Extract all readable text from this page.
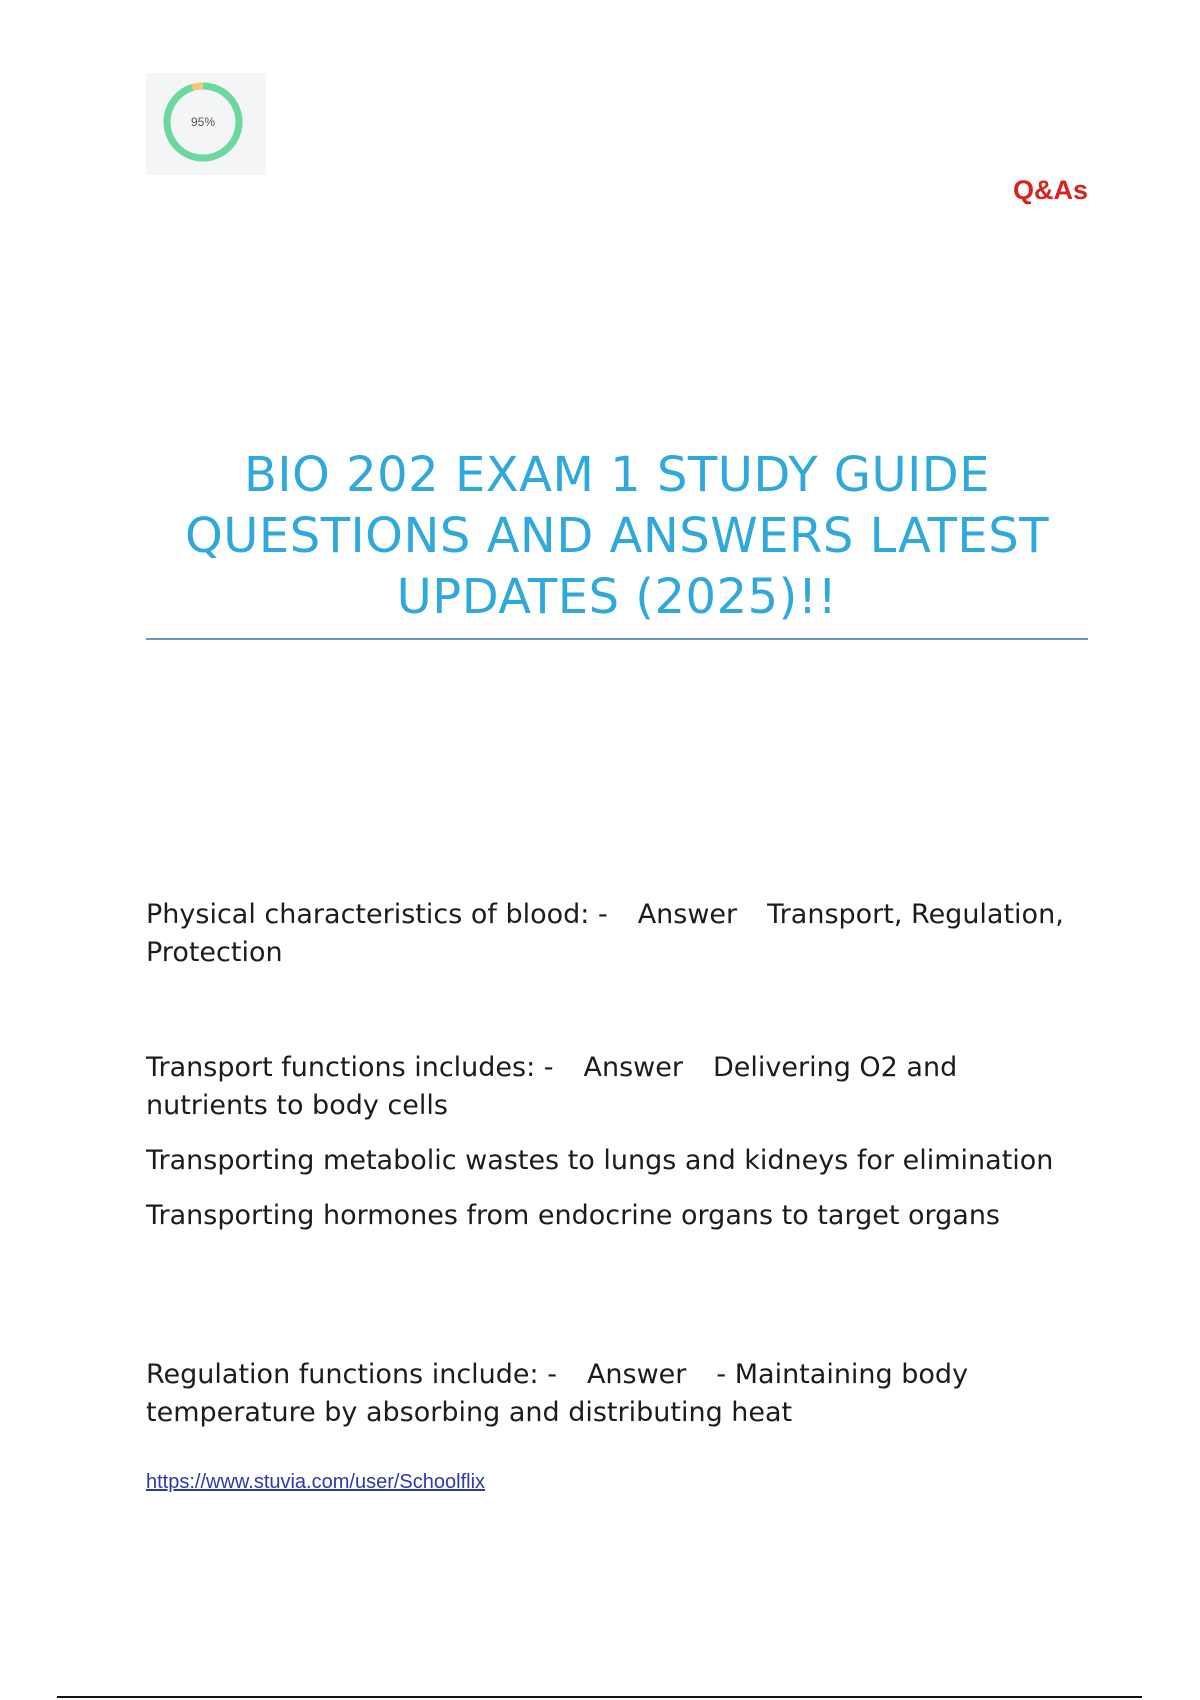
95%
Q&As
BIO 202 EXAM 1 STUDY GUIDE QUESTIONS AND ANSWERS LATEST UPDATES (2025)!!

Physical characteristics of blood: - Answer Transport, Regulation, Protection

Transport functions includes: - Answer Delivering O2 and nutrients to body cells

Transporting metabolic wastes to lungs and kidneys for elimination

Transporting hormones from endocrine organs to target organs

Regulation functions include: - Answer - Maintaining body temperature by absorbing and distributing heat

https://www.stuvia.com/user/Schoolflix
